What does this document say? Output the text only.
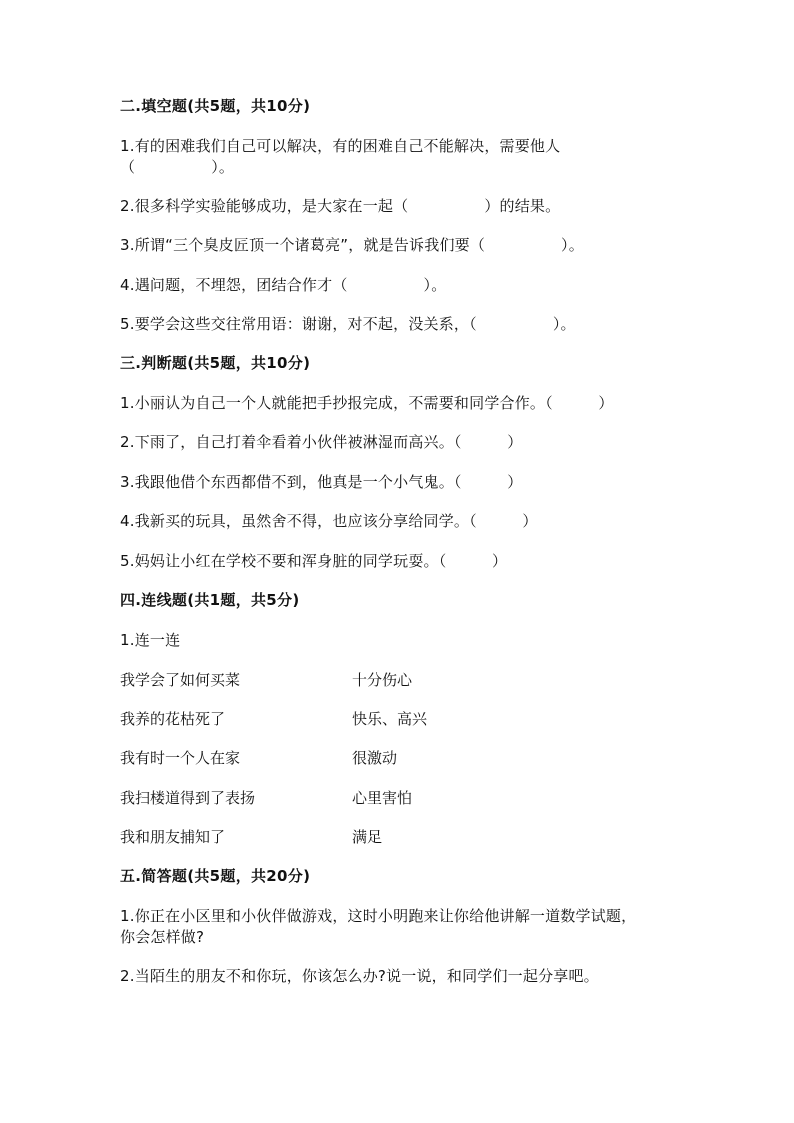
二.填空题(共5题，共10分)
1.有的困难我们自己可以解决，有的困难自己不能解决，需要他人
（　　　　　）。
2.很多科学实验能够成功，是大家在一起（　　　　　）的结果。
3.所谓“三个臭皮匠顶一个诸葛亮”，就是告诉我们要（　　　　　）。
4.遇问题，不埋怨，团结合作才（　　　　　）。
5.要学会这些交往常用语：谢谢，对不起，没关系，（　　　　　）。
三.判断题(共5题，共10分)
1.小丽认为自己一个人就能把手抄报完成，不需要和同学合作。（　　　）
2.下雨了，自己打着伞看着小伙伴被淋湿而高兴。（　　　）
3.我跟他借个东西都借不到，他真是一个小气鬼。（　　　）
4.我新买的玩具，虽然舍不得，也应该分享给同学。（　　　）
5.妈妈让小红在学校不要和浑身脏的同学玩耍。（　　　）
四.连线题(共1题，共5分)
1.连一连
我学会了如何买菜	十分伤心
我养的花枯死了	快乐、高兴
我有时一个人在家	很激动
我扫楼道得到了表扬	心里害怕
我和朋友捕知了	满足
五.简答题(共5题，共20分)
1.你正在小区里和小伙伴做游戏，这时小明跑来让你给他讲解一道数学试题，
你会怎样做?
2.当陌生的朋友不和你玩，你该怎么办?说一说，和同学们一起分享吧。
